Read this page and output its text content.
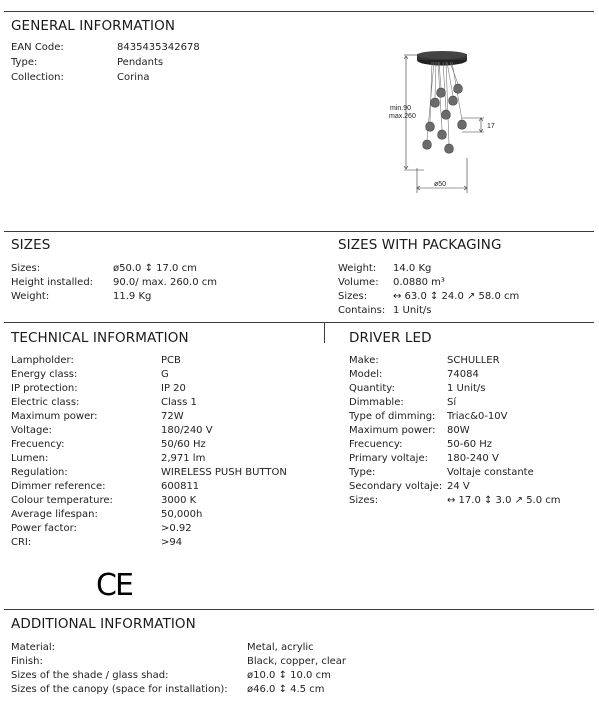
GENERAL INFORMATION
EAN Code:	8435435342678
Type:	Pendants
Collection:	Corina
min.90
max.260
17
ø50
SIZES
Sizes:	ø50.0 ↕ 17.0 cm
Height installed: 90.0/ max. 260.0 cm
Weight:	11.9 Kg
SIZES WITH PACKAGING
Weight: 14.0 Kg
Volume: 0.0880 m³
Sizes:	↔ 63.0 ↕ 24.0 ↗ 58.0 cm
Contains: 1 Unit/s
TECHNICAL INFORMATION
Lampholder:	PCB
Energy class:	G
IP protection:	IP 20
Electric class:	Class 1
Maximum power:	72W
Voltage:	180/240 V
Frecuency:	50/60 Hz
Lumen:	2,971 lm
Regulation:	WIRELESS PUSH BUTTON
Dimmer reference:	600811
Colour temperature:	3000 K
Average lifespan:	50,000h
Power factor:	>0.92
CRI:	>94
CE
DRIVER LED
Make:	SCHULLER
Model:	74084
Quantity:	1 Unit/s
Dimmable:	Sí
Type of dimming: Triac&0-10V
Maximum power: 80W
Frecuency:	50-60 Hz
Primary voltaje: 180-240 V
Type:	Voltaje constante
Secondary voltaje: 24 V
Sizes:	↔ 17.0 ↕ 3.0 ↗ 5.0 cm
ADDITIONAL INFORMATION
Material:	Metal, acrylic
Finish:	Black, copper, clear
Sizes of the shade / glass shad:	ø10.0 ↕ 10.0 cm
Sizes of the canopy (space for installation): ø46.0 ↕ 4.5 cm
